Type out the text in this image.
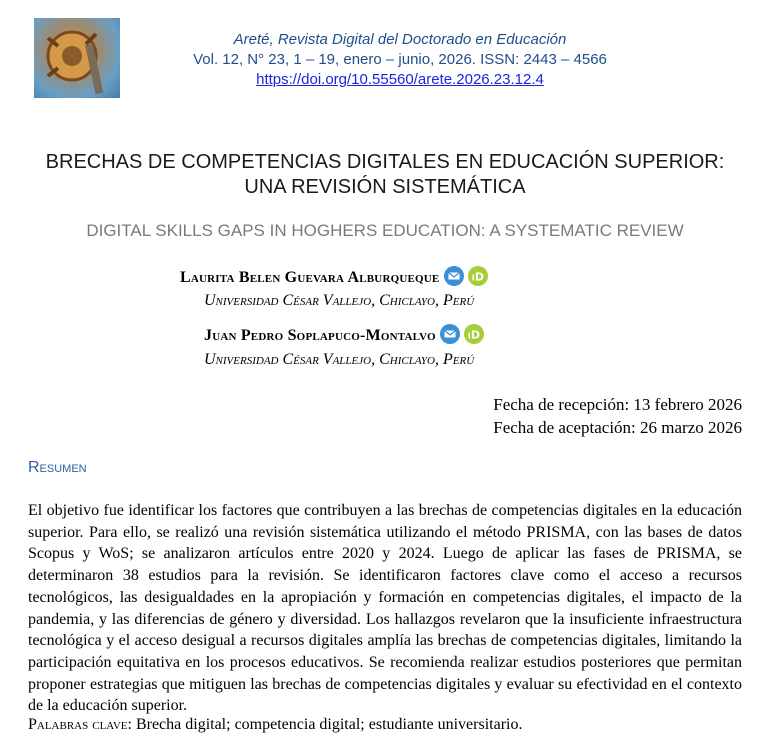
Areté, Revista Digital del Doctorado en Educación
Vol. 12, N° 23, 1 – 19, enero – junio, 2026. ISSN: 2443 – 4566
https://doi.org/10.55560/arete.2026.23.12.4
BRECHAS DE COMPETENCIAS DIGITALES EN EDUCACIÓN SUPERIOR: UNA REVISIÓN SISTEMÁTICA
DIGITAL SKILLS GAPS IN HOGHERS EDUCATION: A SYSTEMATIC REVIEW
Laurita Belen Guevara Alburqueque	iD
Universidad César Vallejo, Chiclayo, Perú
Juan Pedro Soplapuco-Montalvo	iD
Universidad César Vallejo, Chiclayo, Perú
Fecha de recepción: 13 febrero 2026
Fecha de aceptación: 26 marzo 2026
Resumen
El objetivo fue identificar los factores que contribuyen a las brechas de competencias digitales en la educación superior. Para ello, se realizó una revisión sistemática utilizando el método PRISMA, con las bases de datos Scopus y WoS; se analizaron artículos entre 2020 y 2024. Luego de aplicar las fases de PRISMA, se determinaron 38 estudios para la revisión. Se identificaron factores clave como el acceso a recursos tecnológicos, las desigualdades en la apropiación y formación en competencias digitales, el impacto de la pandemia, y las diferencias de género y diversidad. Los hallazgos revelaron que la insuficiente infraestructura tecnológica y el acceso desigual a recursos digitales amplía las brechas de competencias digitales, limitando la participación equitativa en los procesos educativos. Se recomienda realizar estudios posteriores que permitan proponer estrategias que mitiguen las brechas de competencias digitales y evaluar su efectividad en el contexto de la educación superior.
Palabras clave: Brecha digital; competencia digital; estudiante universitario.
